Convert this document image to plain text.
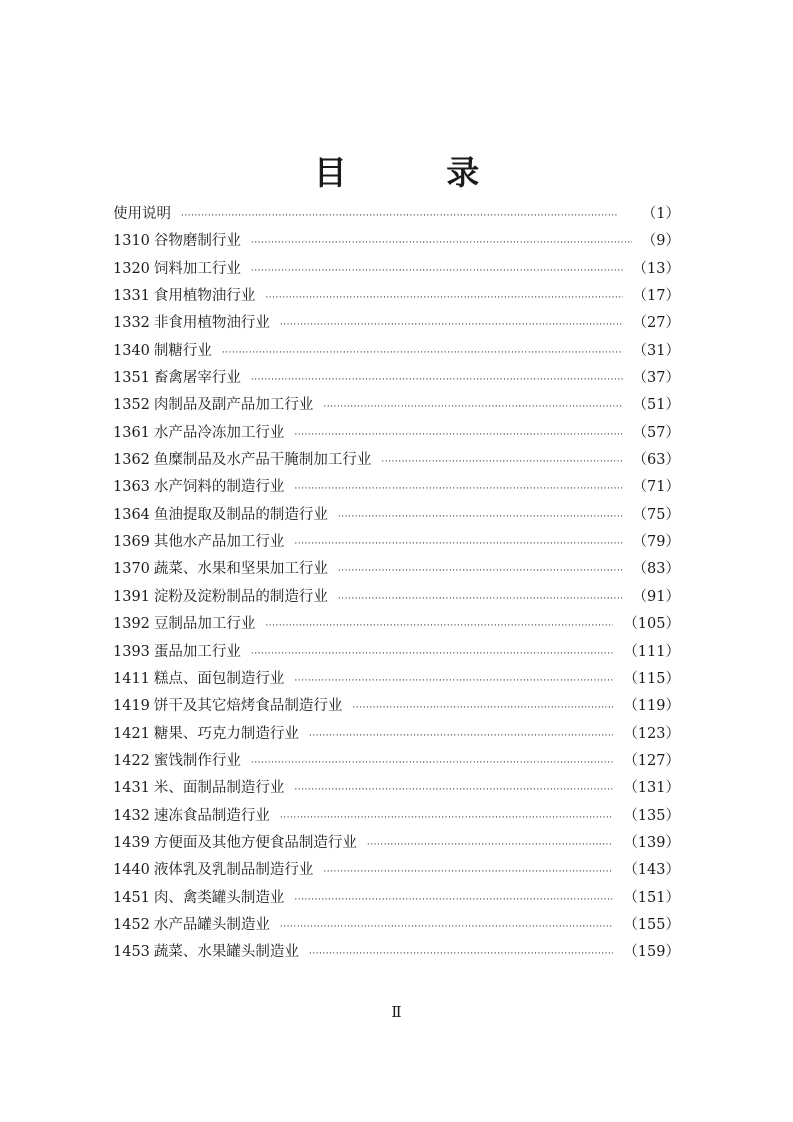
目 录
使用说明 ·····	（1）
1310 谷物磨制行业 ·····	（9）
1320 饲料加工行业 ·····	（13）
1331 食用植物油行业 ·····	（17）
1332 非食用植物油行业 ·····	（27）
1340 制糖行业 ·····	（31）
1351 畜禽屠宰行业 ·····	（37）
1352 肉制品及副产品加工行业 ·····	（51）
1361 水产品冷冻加工行业 ·····	（57）
1362 鱼糜制品及水产品干腌制加工行业 ·····	（63）
1363 水产饲料的制造行业 ·····	（71）
1364 鱼油提取及制品的制造行业 ·····	（75）
1369 其他水产品加工行业 ·····	（79）
1370 蔬菜、水果和坚果加工行业 ·····	（83）
1391 淀粉及淀粉制品的制造行业 ·····	（91）
1392 豆制品加工行业 ·····	（105）
1393 蛋品加工行业 ·····	（111）
1411 糕点、面包制造行业 ·····	（115）
1419 饼干及其它焙烤食品制造行业 ·····	（119）
1421 糖果、巧克力制造行业 ·····	（123）
1422 蜜饯制作行业 ·····	（127）
1431 米、面制品制造行业 ·····	（131）
1432 速冻食品制造行业 ·····	（135）
1439 方便面及其他方便食品制造行业 ·····	（139）
1440 液体乳及乳制品制造行业 ·····	（143）
1451 肉、禽类罐头制造业 ·····	（151）
1452 水产品罐头制造业 ·····	（155）
1453 蔬菜、水果罐头制造业 ·····	（159）
Ⅱ
